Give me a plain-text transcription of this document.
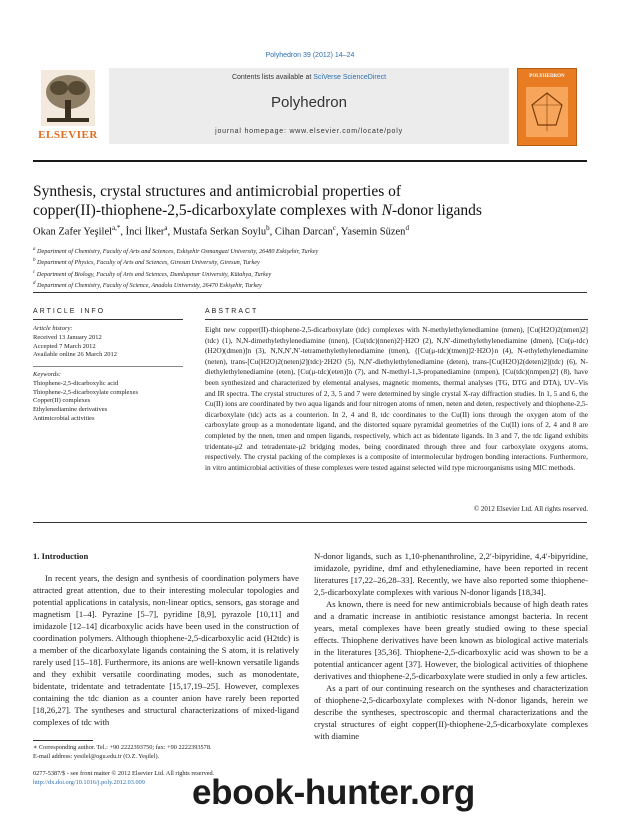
Polyhedron 39 (2012) 14–24
ELSEVIER
Contents lists available at SciVerse ScienceDirect
Polyhedron
journal homepage: www.elsevier.com/locate/poly
POLYHEDRON
Synthesis, crystal structures and antimicrobial properties of
copper(II)-thiophene-2,5-dicarboxylate complexes with N-donor ligands
Okan Zafer Yeşilel$^{a,*}$, İnci İlker$^a$, Mustafa Serkan Soylu$^b$, Cihan Darcan$^c$, Yasemin Süzen$^d$
$^a$ Department of Chemistry, Faculty of Arts and Sciences, Eskişehir Osmangazi University, 26480 Eskişehir, Turkey
$^b$ Department of Physics, Faculty of Arts and Sciences, Giresun University, Giresun, Turkey
$^c$ Department of Biology, Faculty of Arts and Sciences, Dumlupınar University, Kütahya, Turkey
$^d$ Department of Chemistry, Faculty of Science, Anadolu University, 26470 Eskişehir, Turkey
ARTICLE INFO
Article history:
Received 13 January 2012
Accepted 7 March 2012
Available online 26 March 2012
Keywords:
Thiophene-2,5-dicarboxylic acid
Thiophene-2,5-dicarboxylate complexes
Copper(II) complexes
Ethylenediamine derivatives
Antimicrobial activities
ABSTRACT
Eight new copper(II)-thiophene-2,5-dicarboxylate (tdc) complexes with N-methylethylenediamine (nmen), [Cu(H2O)2(nmen)2](tdc) (1), N,N-dimethylethylenediamine (nnen), [Cu(tdc)(nnen)2]·H2O (2), N,N′-dimethylethylenediamine (dmen), [Cu(μ-tdc)(H2O)(dmen)]n (3), N,N,N′,N′-tetramethylethylenediamine (tmen), {[Cu(μ-tdc)(tmen)]2·H2O}n (4), N-ethylethylenediamine (neten), trans-[Cu(H2O)2(neten)2](tdc)·2H2O (5), N,N′-diethylethylenediamine (deten), trans-[Cu(H2O)2(deten)2](tdc) (6), N-diethylethylenediamine (eten), [Cu(μ-tdc)(eten)]n (7), and N-methyl-1,3-propanediamine (nmpen), [Cu(tdc)(nmpen)2] (8), have been synthesized and characterized by elemental analyses, magnetic moments, thermal analyses (TG, DTG and DTA), UV–Vis and IR spectra. The crystal structures of 2, 3, 5 and 7 were determined by single crystal X-ray diffraction studies. In 1, 5 and 6, the Cu(II) ions are coordinated by two aqua ligands and four nitrogen atoms of nmen, neten and deten, respectively and thiophene-2,5-dicarboxylate (tdc) acts as a counterion. In 2, 4 and 8, tdc coordinates to the Cu(II) ions through the oxygen atom of the carboxylate group as a monodentate ligand, and the distorted square pyramidal geometries of the Cu(II) ions of 2, 4 and 8 are completed by the nnen, tmen and nmpen ligands, respectively, which act as bidentate ligands. In 3 and 7, the tdc ligand exhibits tridentate-μ2 and tetradentate-μ2 bridging modes, being coordinated through three and four carboxylate oxygens atoms, respectively. The crystal packing of the complexes is a composite of intermolecular hydrogen bonding interactions. Furthermore, in vitro antimicrobial activities of these complexes were tested against selected wild type microorganisms using MIC methods.
© 2012 Elsevier Ltd. All rights reserved.
1. Introduction

In recent years, the design and synthesis of coordination polymers have attracted great attention, due to their interesting molecular topologies and potential applications in catalysis, non-linear optics, sensors, gas storage and magnetism [1–4]. Pyrazine [5–7], pyridine [8,9], pyrazole [10,11] and imidazole [12–14] dicarboxylic acids have been used in the construction of coordination polymers. Although thiophene-2,5-dicarboxylic acid (H2tdc) is a member of the dicarboxylate ligands containing the S atom, it is relatively rarely used [15–18]. Furthermore, its anions are well-known versatile ligands and they exhibit versatile coordinating modes, such as monodentate, bidentate, tridentate and tetradentate [15,17,19–25]. However, complexes containing the tdc dianion as a counter anion have rarely been reported [18,26,27]. The syntheses and structural characterizations of mixed-ligand complexes of tdc with

N-donor ligands, such as 1,10-phenanthroline, 2,2′-bipyridine, 4,4′-bipyridine, imidazole, pyridine, dmf and ethylenediamine, have been reported in recent literatures [17,22–26,28–33]. Recently, we have also reported some thiophene-2,5-dicarboxylate complexes with various N-donor ligands [18,34].

As known, there is need for new antimicrobials because of high death rates and a dramatic increase in antibiotic resistance amongst bacteria. In recent years, metal complexes have been greatly studied owing to these special effects. Thiophene derivatives have been known as biological active materials in the literatures [35,36]. Thiophene-2,5-dicarboxylic acid was shown to be a potential anticancer agent [37]. However, the biological activities of thiophene derivatives and thiophene-2,5-dicarboxylate were studied in only a few articles.

As a part of our continuing research on the syntheses and characterization of thiophene-2,5-dicarboxylate complexes with N-donor ligands, herein we describe the syntheses, spectroscopic and thermal characterizations and the crystal structures of eight copper(II)-thiophene-2,5-dicarboxylate complexes with diamine

∗ Corresponding author. Tel.: +90 2222393750; fax: +90 2222393578.
E-mail address: yesilel@ogu.edu.tr (O.Z. Yeşilel).
0277-5387/$ - see front matter © 2012 Elsevier Ltd. All rights reserved.
http://dx.doi.org/10.1016/j.poly.2012.03.009	ebook-hunter.org
